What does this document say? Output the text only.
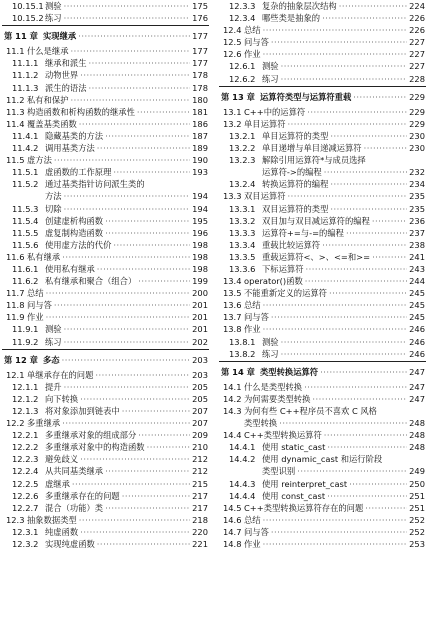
10.15.1 测验	175
·····
10.15.2 练习	176
·····
第 11 章 实现继承	177
·····
11.1 什么是继承	177
·····
11.1.1 继承和派生	177
·····
11.1.2 动物世界	178
·····
11.1.3 派生的语法	178
·····
11.2 私有和保护	180
·····
11.3 构造函数和析构函数的继承性	181
·····
11.4 覆盖基类函数	186
·····
11.4.1 隐藏基类的方法	187
·····
11.4.2 调用基类方法	189
·····
11.5 虚方法	190
·····
11.5.1 虚函数的工作原理	193
·····
11.5.2 通过基类指针访问派生类的
方法	194
·····
11.5.3 切除	194
·····
11.5.4 创建虚析构函数	195
·····
11.5.5 虚复制构造函数	196
·····
11.5.6 使用虚方法的代价	198
·····
11.6 私有继承	198
·····
11.6.1 使用私有继承	198
·····
11.6.2 私有继承和聚合（组合）	199
·····
11.7 总结	200
·····
11.8 问与答	201
·····
11.9 作业	201
·····
11.9.1 测验	201
·····
11.9.2 练习	202
·····
第 12 章 多态	203
·····
12.1 单继承存在的问题	203
·····
12.1.1 提升	205
·····
12.1.2 向下转换	205
·····
12.1.3 将对象添加到链表中	207
·····
12.2 多重继承	207
·····
12.2.1 多重继承对象的组成部分	209
·····
12.2.2 多重继承对象中的构造函数	210
·····
12.2.3 避免歧义	212
·····
12.2.4 从共同基类继承	212
·····
12.2.5 虚继承	215
·····
12.2.6 多重继承存在的问题	217
·····
12.2.7 混合（功能）类	217
·····
12.3 抽象数据类型	218
·····
12.3.1 纯虚函数	220
·····
12.3.2 实现纯虚函数	221
·····
12.3.3 复杂的抽象层次结构	224
·····
12.3.4 哪些类是抽象的	226
·····
12.4 总结	226
·····
12.5 问与答	227
·····
12.6 作业	227
·····
12.6.1 测验	227
·····
12.6.2 练习	228
·····
第 13 章 运算符类型与运算符重载	229
·····
13.1 C++中的运算符	229
·····
13.2 单目运算符	229
·····
13.2.1 单目运算符的类型	230
·····
13.2.2 单目递增与单目递减运算符	230
·····
13.2.3 解除引用运算符*与成员选择
运算符->的编程	232
·····
13.2.4 转换运算符的编程	234
·····
13.3 双目运算符	235
·····
13.3.1 双目运算符的类型	235
·····
13.3.2 双目加与双目减运算符的编程	236
·····
13.3.3 运算符+=与-=的编程	237
·····
13.3.4 重载比较运算符	238
·····
13.3.5 重载运算符<、>、<=和>=	241
·····
13.3.6 下标运算符	243
·····
13.4 operator()函数	244
·····
13.5 不能重新定义的运算符	245
·····
13.6 总结	245
·····
13.7 问与答	245
·····
13.8 作业	246
·····
13.8.1 测验	246
·····
13.8.2 练习	246
·····
第 14 章 类型转换运算符	247
·····
14.1 什么是类型转换	247
·····
14.2 为何需要类型转换	247
·····
14.3 为何有些 C++程序员不喜欢 C 风格
类型转换	248
·····
14.4 C++类型转换运算符	248
·····
14.4.1 使用 static_cast	248
·····
14.4.2 使用 dynamic_cast 和运行阶段
类型识别	249
·····
14.4.3 使用 reinterpret_cast	250
·····
14.4.4 使用 const_cast	251
·····
14.5 C++类型转换运算符存在的问题	251
·····
14.6 总结	252
·····
14.7 问与答	252
·····
14.8 作业	253
·····
